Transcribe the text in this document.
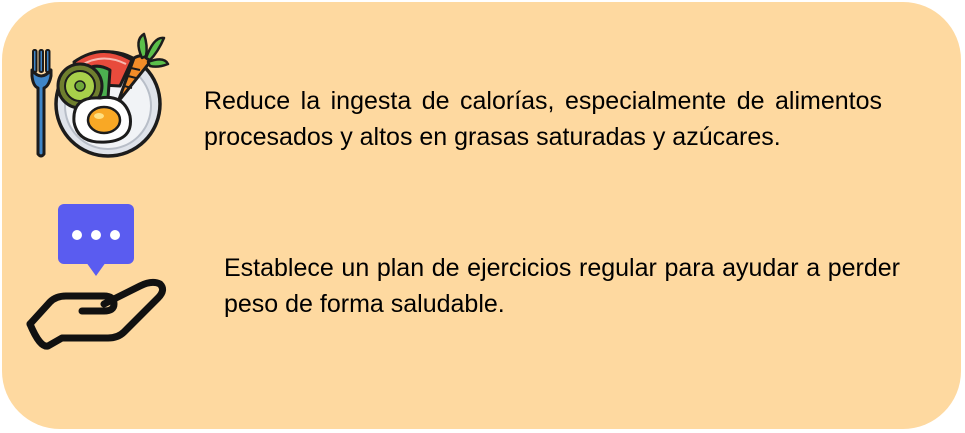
Reduce la ingesta de calorías, especialmente de alimentos procesados y altos en grasas saturadas y azúcares.
Establece un plan de ejercicios regular para ayudar a perder peso de forma saludable.
